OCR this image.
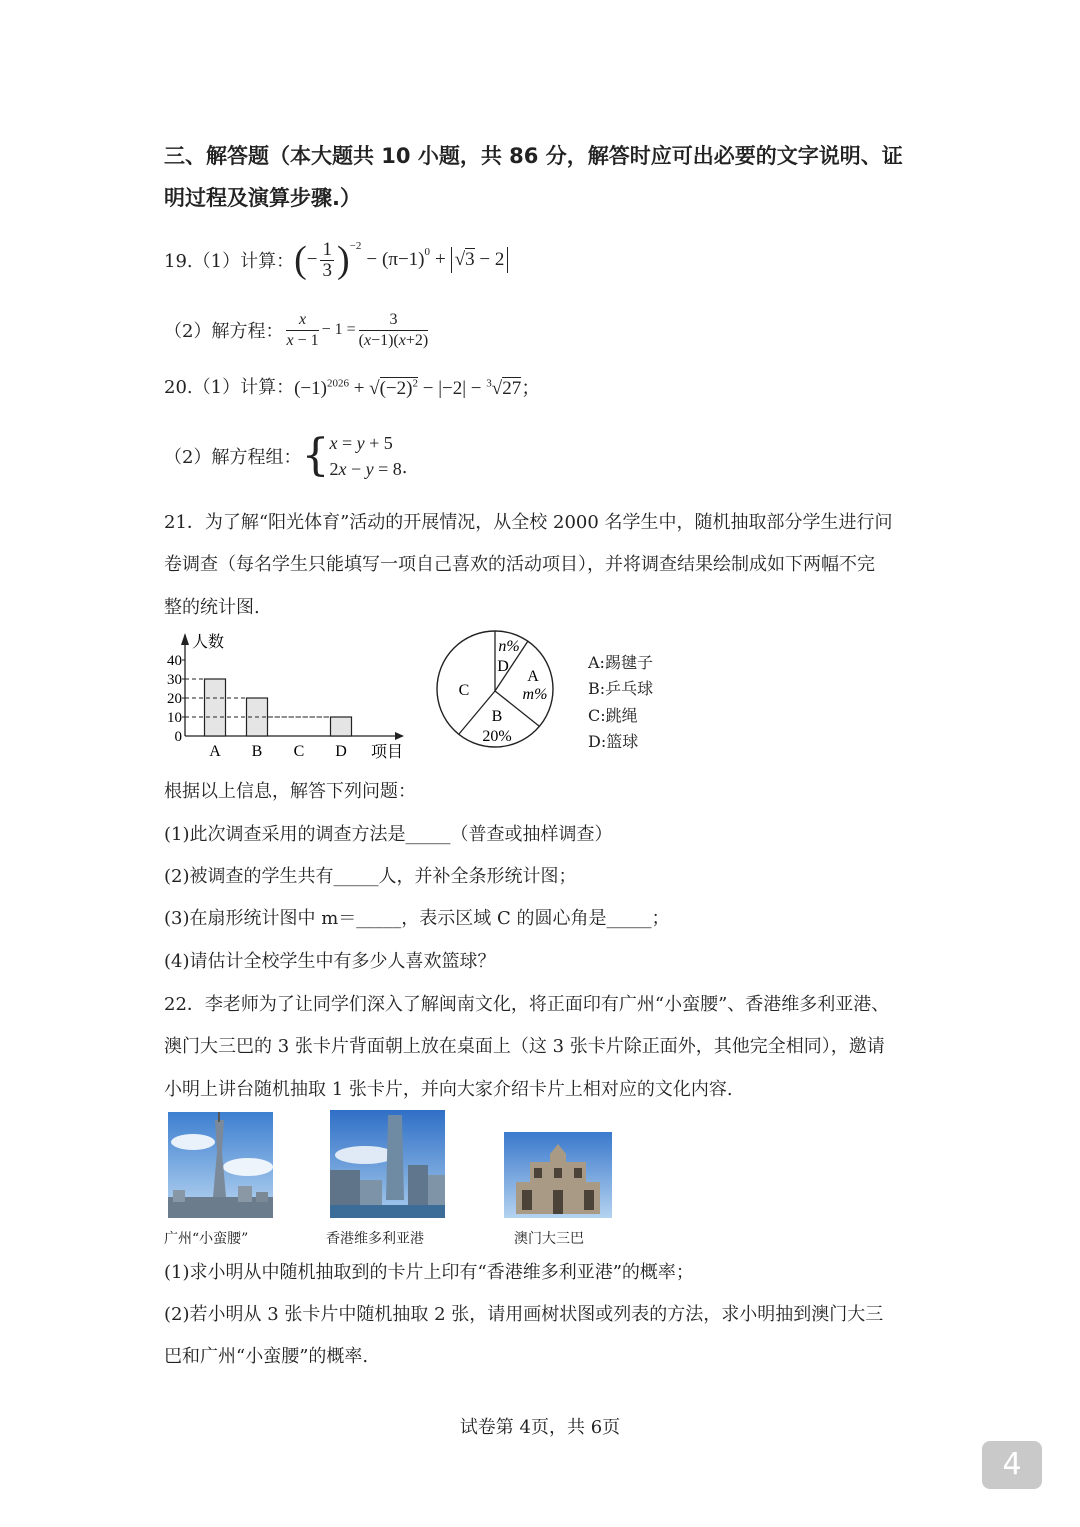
三、解答题（本大题共 10 小题，共 86 分，解答时应可出必要的文字说明、证
明过程及演算步骤.）
19.（1）计算： ( − $\frac{1}{3}$ ) −2
− (π−1) 0 + √3 − 2
（2）解方程： $\frac{x}{x - 1} - 1 = \frac{3}{(x-1)(x+2)}$
20.（1）计算： $(-1)^{2026} + √(-2)^2 - |-2| - ^3√27$；
（2）解方程组： { x = y + 5
2x − y = 8 .
21．为了解“阳光体育”活动的开展情况，从全校 2000 名学生中，随机抽取部分学生进行问
卷调查（每名学生只能填写一项自己喜欢的活动项目），并将调查结果绘制成如下两幅不完
整的统计图.
人数
0
10
20
30
40
A B C D 项目
n%
D
A
m%
B
20%
C
A:踢毽子
B:乒乓球
C:跳绳
D:篮球
根据以上信息，解答下列问题：
(1)此次调查采用的调查方法是_____（普查或抽样调查）
(2)被调查的学生共有_____人，并补全条形统计图；
(3)在扇形统计图中 m＝_____，表示区域 C 的圆心角是_____；
(4)请估计全校学生中有多少人喜欢篮球？
22．李老师为了让同学们深入了解闽南文化，将正面印有广州“小蛮腰”、香港维多利亚港、
澳门大三巴的 3 张卡片背面朝上放在桌面上（这 3 张卡片除正面外，其他完全相同），邀请
小明上讲台随机抽取 1 张卡片，并向大家介绍卡片上相对应的文化内容.
广州“小蛮腰”	香港维多利亚港	澳门大三巴
(1)求小明从中随机抽取到的卡片上印有“香港维多利亚港”的概率；
(2)若小明从 3 张卡片中随机抽取 2 张，请用画树状图或列表的方法，求小明抽到澳门大三
巴和广州“小蛮腰”的概率.
试卷第 4页，共 6页
4
